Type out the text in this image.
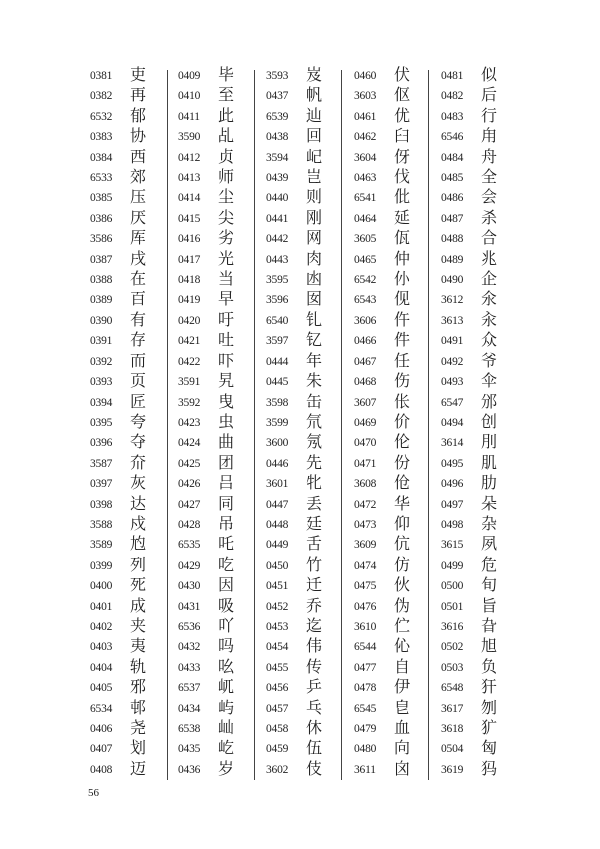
0381 吏
0382 再
6532 郁
0383 协
0384 西
6533 郊
0385 压
0386 厌
3586 厍
0387 戌
0388 在
0389 百
0390 有
0391 存
0392 而
0393 页
0394 匠
0395 夸
0396 夺
3587 夼
0397 灰
0398 达
3588 戍
3589 尥
0399 列
0400 死
0401 成
0402 夹
0403 夷
0404 轨
0405 邪
6534 邨
0406 尧
0407 划
0408 迈
0409 毕
0410 至
0411 此
3590 乩
0412 贞
0413 师
0414 尘
0415 尖
0416 劣
0417 光
0418 当
0419 早
0420 吁
0421 吐
0422 吓
3591 旯
3592 曳
0423 虫
0424 曲
0425 团
0426 吕
0427 同
0428 吊
6535 吒
0429 吃
0430 因
0431 吸
6536 吖
0432 吗
0433 吆
6537 屼
0434 屿
6538 屾
0435 屹
0436 岁
3593 岌
0437 帆
6539 辿
0438 回
3594 屺
0439 岂
0440 则
0441 刚
0442 网
0443 肉
3595 凼
3596 囡
6540 钆
3597 钇
0444 年
0445 朱
3598 缶
3599 氘
3600 氖
0446 先
3601 牝
0447 丢
0448 廷
0449 舌
0450 竹
0451 迁
0452 乔
0453 迄
0454 伟
0455 传
0456 乒
0457 乓
0458 休
0459 伍
3602 伎
0460 伏
3603 伛
0461 优
0462 臼
3604 伢
0463 伐
6541 仳
0464 延
3605 佤
0465 仲
6542 仦
6543 伣
3606 仵
0466 件
0467 任
0468 伤
3607 伥
0469 价
0470 伦
0471 份
3608 伧
0472 华
0473 仰
3609 伉
0474 仿
0475 伙
0476 伪
3610 伫
6544 伈
0477 自
0478 伊
6545 皀
0479 血
0480 向
3611 囟
0481 似
0482 后
0483 行
6546 甪
0484 舟
0485 全
0486 会
0487 杀
0488 合
0489 兆
0490 企
3612 氽
3613 汆
0491 众
0492 爷
0493 伞
6547 邠
0494 创
3614 刖
0495 肌
0496 肋
0497 朵
0498 杂
3615 夙
0499 危
0500 旬
0501 旨
3616 旮
0502 旭
0503 负
6548 犴
3617 刎
3618 犷
0504 匈
3619 犸
56
